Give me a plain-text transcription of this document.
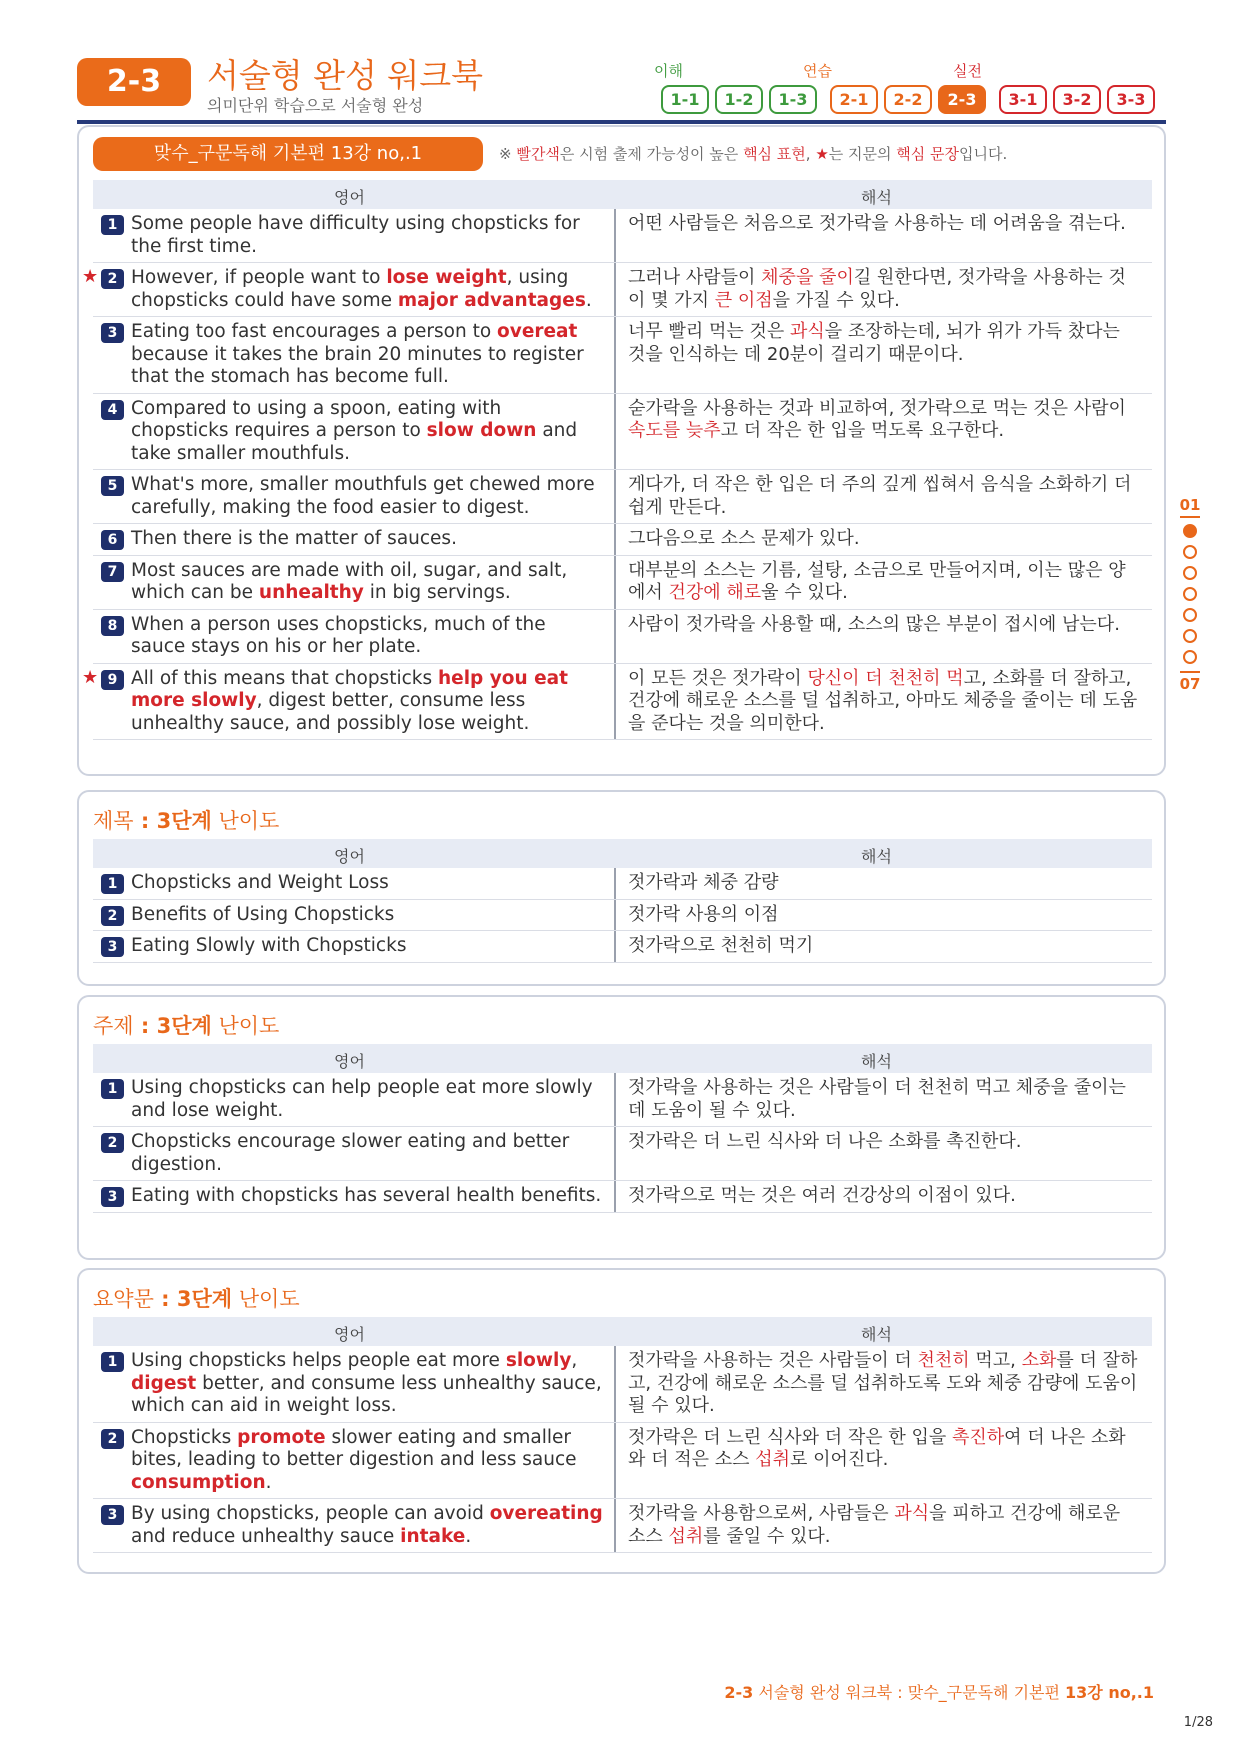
2-3	서술형 완성 워크북
의미단위 학습으로 서술형 완성
이해	연습	실전
1-1	1-2	1-3	2-1	2-2	2-3	3-1	3-2	3-3
맞수_구문독해 기본편 13강 no,.1	※ 빨간색은 시험 출제 가능성이 높은 핵심 표현, ★는 지문의 핵심 문장입니다.
영어	해석
1 Some people have difficulty using chopsticks for the first time.
어떤 사람들은 처음으로 젓가락을 사용하는 데 어려움을 겪는다.
★ 2 However, if people want to lose weight, using chopsticks could have some major advantages.
그러나 사람들이 체중을 줄이길 원한다면, 젓가락을 사용하는 것이 몇 가지 큰 이점을 가질 수 있다.
3 Eating too fast encourages a person to overeat because it takes the brain 20 minutes to register that the stomach has become full.
너무 빨리 먹는 것은 과식을 조장하는데, 뇌가 위가 가득 찼다는 것을 인식하는 데 20분이 걸리기 때문이다.
4 Compared to using a spoon, eating with chopsticks requires a person to slow down and take smaller mouthfuls.
숟가락을 사용하는 것과 비교하여, 젓가락으로 먹는 것은 사람이 속도를 늦추고 더 작은 한 입을 먹도록 요구한다.
5 What's more, smaller mouthfuls get chewed more carefully, making the food easier to digest.
게다가, 더 작은 한 입은 더 주의 깊게 씹혀서 음식을 소화하기 더 쉽게 만든다.
6 Then there is the matter of sauces.	그다음으로 소스 문제가 있다.
7 Most sauces are made with oil, sugar, and salt, which can be unhealthy in big servings.
대부분의 소스는 기름, 설탕, 소금으로 만들어지며, 이는 많은 양에서 건강에 해로울 수 있다.
8 When a person uses chopsticks, much of the sauce stays on his or her plate.
사람이 젓가락을 사용할 때, 소스의 많은 부분이 접시에 남는다.
★ 9 All of this means that chopsticks help you eat more slowly, digest better, consume less unhealthy sauce, and possibly lose weight.
이 모든 것은 젓가락이 당신이 더 천천히 먹고, 소화를 더 잘하고, 건강에 해로운 소스를 덜 섭취하고, 아마도 체중을 줄이는 데 도움을 준다는 것을 의미한다.
제목 : 3단계 난이도
영어	해석
1 Chopsticks and Weight Loss	젓가락과 체중 감량
2 Benefits of Using Chopsticks	젓가락 사용의 이점
3 Eating Slowly with Chopsticks	젓가락으로 천천히 먹기
주제 : 3단계 난이도
영어	해석
1 Using chopsticks can help people eat more slowly and lose weight.
젓가락을 사용하는 것은 사람들이 더 천천히 먹고 체중을 줄이는 데 도움이 될 수 있다.
2 Chopsticks encourage slower eating and better digestion.
젓가락은 더 느린 식사와 더 나은 소화를 촉진한다.
3 Eating with chopsticks has several health benefits.	젓가락으로 먹는 것은 여러 건강상의 이점이 있다.
요약문 : 3단계 난이도
영어	해석
1 Using chopsticks helps people eat more slowly, digest better, and consume less unhealthy sauce, which can aid in weight loss.
젓가락을 사용하는 것은 사람들이 더 천천히 먹고, 소화를 더 잘하고, 건강에 해로운 소스를 덜 섭취하도록 도와 체중 감량에 도움이 될 수 있다.
2 Chopsticks promote slower eating and smaller bites, leading to better digestion and less sauce consumption.
젓가락은 더 느린 식사와 더 작은 한 입을 촉진하여 더 나은 소화와 더 적은 소스 섭취로 이어진다.
3 By using chopsticks, people can avoid overeating and reduce unhealthy sauce intake.
젓가락을 사용함으로써, 사람들은 과식을 피하고 건강에 해로운 소스 섭취를 줄일 수 있다.
01
07
2-3 서술형 완성 워크북 : 맞수_구문독해 기본편 13강 no,.1
1/28
